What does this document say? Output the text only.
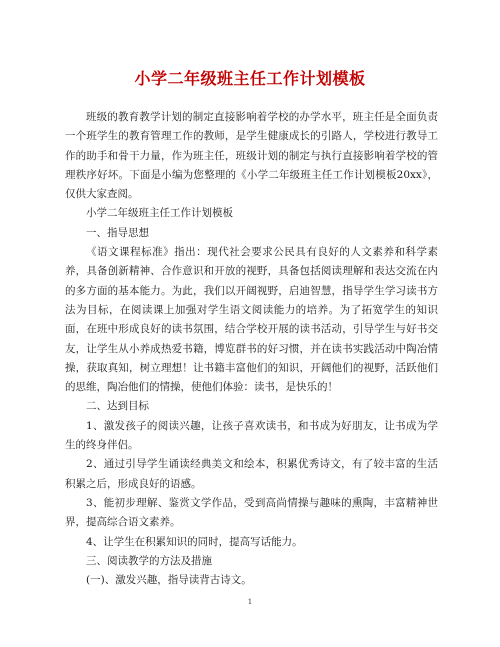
小学二年级班主任工作计划模板

班级的教育教学计划的制定直接影响着学校的办学水平，班主任是全面负责一个班学生的教育管理工作的教师，是学生健康成长的引路人，学校进行教导工作的助手和骨干力量，作为班主任，班级计划的制定与执行直接影响着学校的管理秩序好坏。下面是小编为您整理的《小学二年级班主任工作计划模板20xx》，仅供大家查阅。

小学二年级班主任工作计划模板

一、指导思想

《语文课程标准》指出：现代社会要求公民具有良好的人文素养和科学素养，具备创新精神、合作意识和开放的视野，具备包括阅读理解和表达交流在内的多方面的基本能力。为此，我们以开阔视野，启迪智慧，指导学生学习读书方法为目标，在阅读课上加强对学生语文阅读能力的培养。为了拓宽学生的知识面，在班中形成良好的读书氛围，结合学校开展的读书活动，引导学生与好书交友，让学生从小养成热爱书籍，博览群书的好习惯，并在读书实践活动中陶冶情操，获取真知，树立理想！让书籍丰富他们的知识，开阔他们的视野，活跃他们的思维，陶冶他们的情操，使他们体验：读书，是快乐的！

二、达到目标

1、激发孩子的阅读兴趣，让孩子喜欢读书，和书成为好朋友，让书成为学生的终身伴侣。

2、通过引导学生诵读经典美文和绘本，积累优秀诗文，有了较丰富的生活积累之后，形成良好的语感。

3、能初步理解、鉴赏文学作品，受到高尚情操与趣味的熏陶，丰富精神世界，提高综合语文素养。

4、让学生在积累知识的同时，提高写话能力。

三、阅读教学的方法及措施

(一)、激发兴趣，指导读背古诗文。

1
